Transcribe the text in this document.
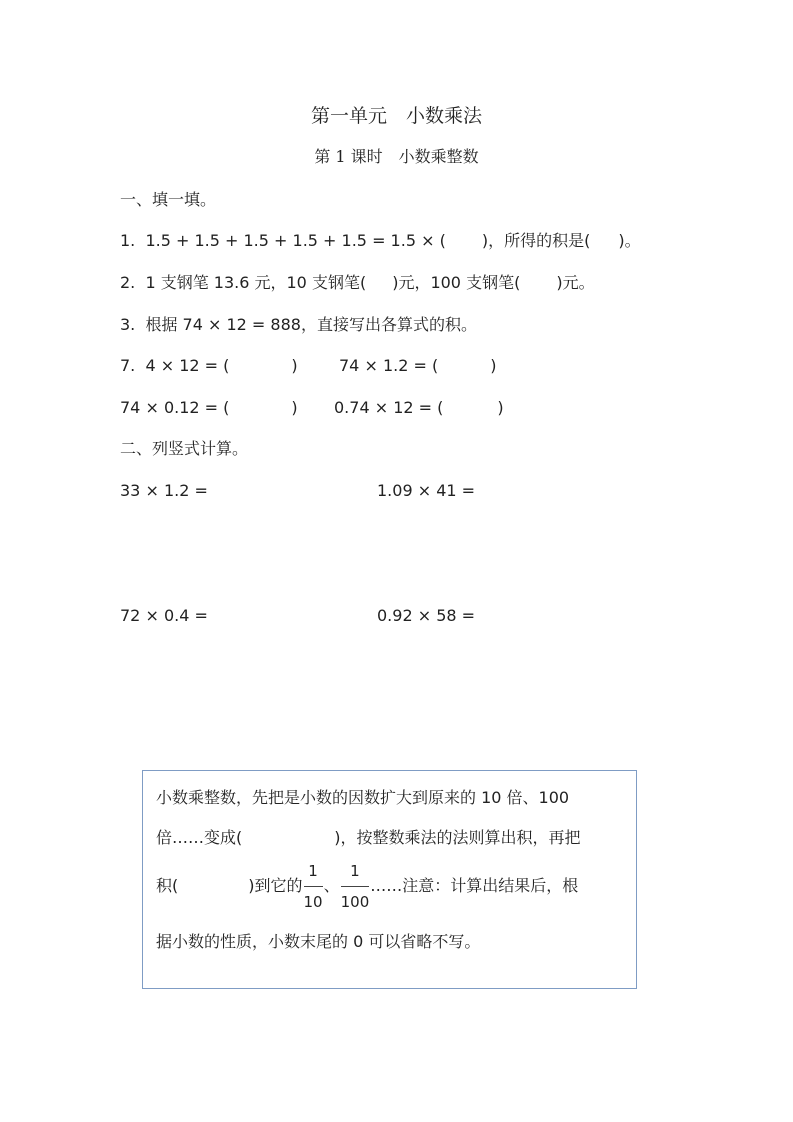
第一单元　小数乘法
第 1 课时　小数乘整数
一、填一填。
1.  1.5 + 1.5 + 1.5 + 1.5 + 1.5 = 1.5 × ( )，所得的积是( )。
2.  1 支钢笔 13.6 元，10 支钢笔( )元，100 支钢笔( )元。
3.  根据 74 × 12 = 888，直接写出各算式的积。
7.  4 × 12 = (	)	74 × 1.2 = (	)
74 × 0.12 = (	) 0.74 × 12 = (	)
二、列竖式计算。
33 × 1.2 =	1.09 × 41 =
72 × 0.4 =	0.92 × 58 =
小数乘整数，先把是小数的因数扩大到原来的 10 倍、100
倍……变成(	)，按整数乘法的法则算出积，再把
积(	)到它的 $\frac{1}{10}$ 、 $\frac{1}{100}$ ……注意：计算出结果后，根
据小数的性质，小数末尾的 0 可以省略不写。
